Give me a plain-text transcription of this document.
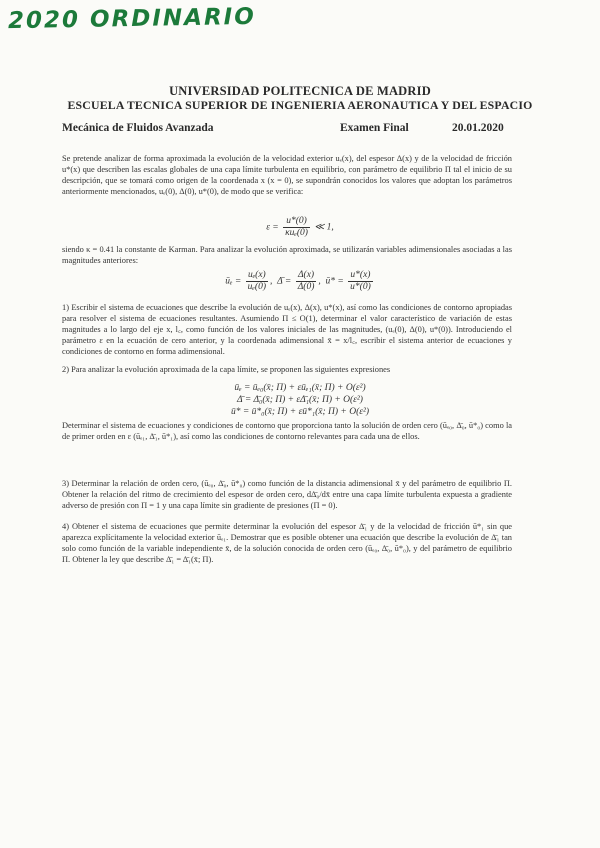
2020 ORDINARIO
UNIVERSIDAD POLITECNICA DE MADRID
ESCUELA TECNICA SUPERIOR DE INGENIERIA AERONAUTICA Y DEL ESPACIO
Mecánica de Fluidos Avanzada	Examen Final	20.01.2020
Se pretende analizar de forma aproximada la evolución de la velocidad exterior uₑ(x), del espesor Δ(x) y de la velocidad de fricción u*(x) que describen las escalas globales de una capa límite turbulenta en equilibrio, con parámetro de equilibrio Π tal el inicio de su descripción, que se tomará como origen de la coordenada x (x = 0), se supondrán conocidos los valores que adoptan los parámetros anteriormente mencionados, uₑ(0), Δ(0), u*(0), de modo que se verifica:
$\varepsilon = \frac{u*(0)}{\text{κuₑ(0)}}$ ≪ 1,
siendo κ = 0.41 la constante de Karman. Para analizar la evolución aproximada, se utilizarán variables adimensionales asociadas a las magnitudes anteriores:
ūₑ = $\frac{\text{uₑ(x)}}{\text{uₑ(0)}}$ ,  Δ̄ = $\frac{\Delta(x)}{\Delta(0)}$ ,  ū* = $\frac{u*(x)}{u*(0)}$
1) Escribir el sistema de ecuaciones que describe la evolución de uₑ(x), Δ(x), u*(x), así como las condiciones de contorno apropiadas para resolver el sistema de ecuaciones resultantes. Asumiendo Π ≤ O(1), determinar el valor característico de variación de estas magnitudes a lo largo del eje x, l꜀, como función de los valores iniciales de las magnitudes, (uₑ(0), Δ(0), u*(0)). Introduciendo el parámetro ε en la ecuación de cero anterior, y la coordenada adimensional x̄ = x/l꜀, escribir el sistema anterior de ecuaciones y condiciones de contorno en forma adimensional.
2) Para analizar la evolución aproximada de la capa límite, se proponen las siguientes expresiones
ūₑ = ūₑ₀(x̄; Π) + εūₑ₁(x̄; Π) + O(ε²)
Δ̄ = Δ̄₀(x̄; Π) + εΔ̄₁(x̄; Π) + O(ε²)
ū* = ū*₀(x̄; Π) + εū*₁(x̄; Π) + O(ε²)
Determinar el sistema de ecuaciones y condiciones de contorno que proporciona tanto la solución de orden cero (ūₑ₀, Δ̄₀, ū*₀) como la de primer orden en ε (ūₑ₁, Δ̄₁, ū*₁), así como las condiciones de contorno relevantes para cada una de ellos.
3) Determinar la relación de orden cero, (ūₑ₀, Δ̄₀, ū*₀) como función de la distancia adimensional x̄ y del parámetro de equilibrio Π. Obtener la relación del ritmo de crecimiento del espesor de orden cero, dΔ̄₀/dx̄ entre una capa límite turbulenta expuesta a gradiente adverso de presión con Π = 1 y una capa límite sin gradiente de presiones (Π = 0).
4) Obtener el sistema de ecuaciones que permite determinar la evolución del espesor Δ̄₁ y de la velocidad de fricción ū*₁ sin que aparezca explícitamente la velocidad exterior ūₑ₁. Demostrar que es posible obtener una ecuación que describe la evolución de Δ̄₁ tan solo como función de la variable independiente x̄, de la solución conocida de orden cero (ūₑ₀, Δ̄₀, ū*₀), y del parámetro de equilibrio Π. Obtener la ley que describe Δ̄₁ = Δ̄₁(x̄; Π).
